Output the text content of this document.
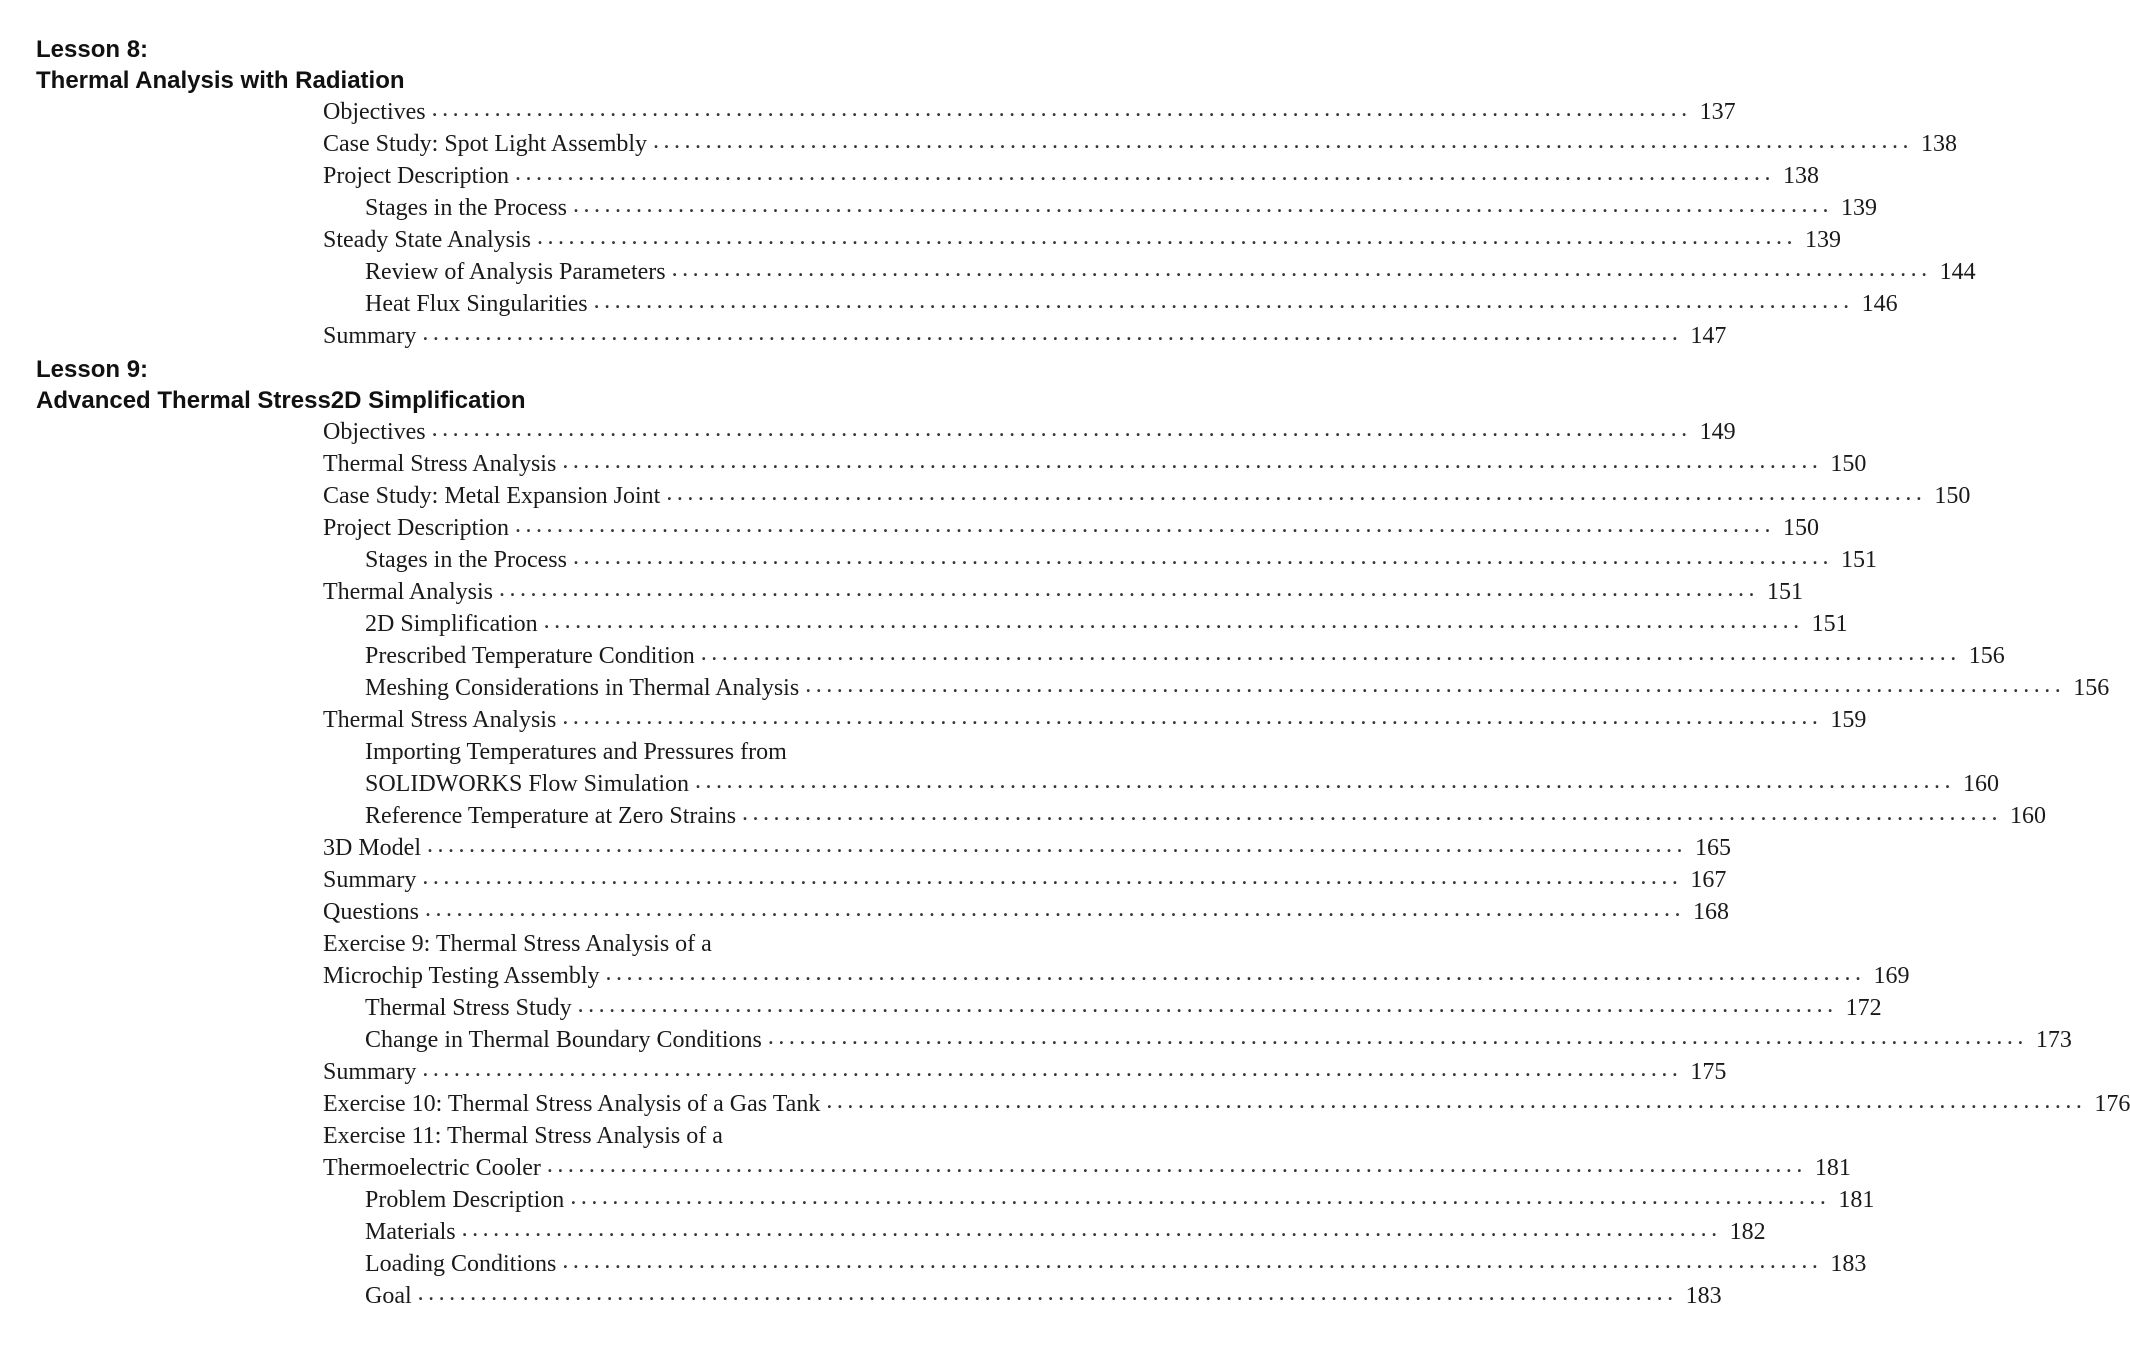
Lesson 8:
Thermal Analysis with Radiation
Objectives ........................................................................................................................ 137
Case Study: Spot Light Assembly ........................................................................................................................ 138
Project Description ........................................................................................................................ 138
Stages in the Process ........................................................................................................................ 139
Steady State Analysis ........................................................................................................................ 139
Review of Analysis Parameters ........................................................................................................................ 144
Heat Flux Singularities ........................................................................................................................ 146
Summary ........................................................................................................................ 147
Lesson 9:
Advanced Thermal Stress2D Simplification
Objectives ........................................................................................................................ 149
Thermal Stress Analysis ........................................................................................................................ 150
Case Study: Metal Expansion Joint ........................................................................................................................ 150
Project Description ........................................................................................................................ 150
Stages in the Process ........................................................................................................................ 151
Thermal Analysis ........................................................................................................................ 151
2D Simplification ........................................................................................................................ 151
Prescribed Temperature Condition ........................................................................................................................ 156
Meshing Considerations in Thermal Analysis ........................................................................................................................ 156
Thermal Stress Analysis ........................................................................................................................ 159
Importing Temperatures and Pressures from
SOLIDWORKS Flow Simulation ........................................................................................................................ 160
Reference Temperature at Zero Strains ........................................................................................................................ 160
3D Model ........................................................................................................................ 165
Summary ........................................................................................................................ 167
Questions ........................................................................................................................ 168
Exercise 9: Thermal Stress Analysis of a
Microchip Testing Assembly ........................................................................................................................ 169
Thermal Stress Study ........................................................................................................................ 172
Change in Thermal Boundary Conditions ........................................................................................................................ 173
Summary ........................................................................................................................ 175
Exercise 10: Thermal Stress Analysis of a Gas Tank ........................................................................................................................ 176
Exercise 11: Thermal Stress Analysis of a
Thermoelectric Cooler ........................................................................................................................ 181
Problem Description ........................................................................................................................ 181
Materials ........................................................................................................................ 182
Loading Conditions ........................................................................................................................ 183
Goal ........................................................................................................................ 183
